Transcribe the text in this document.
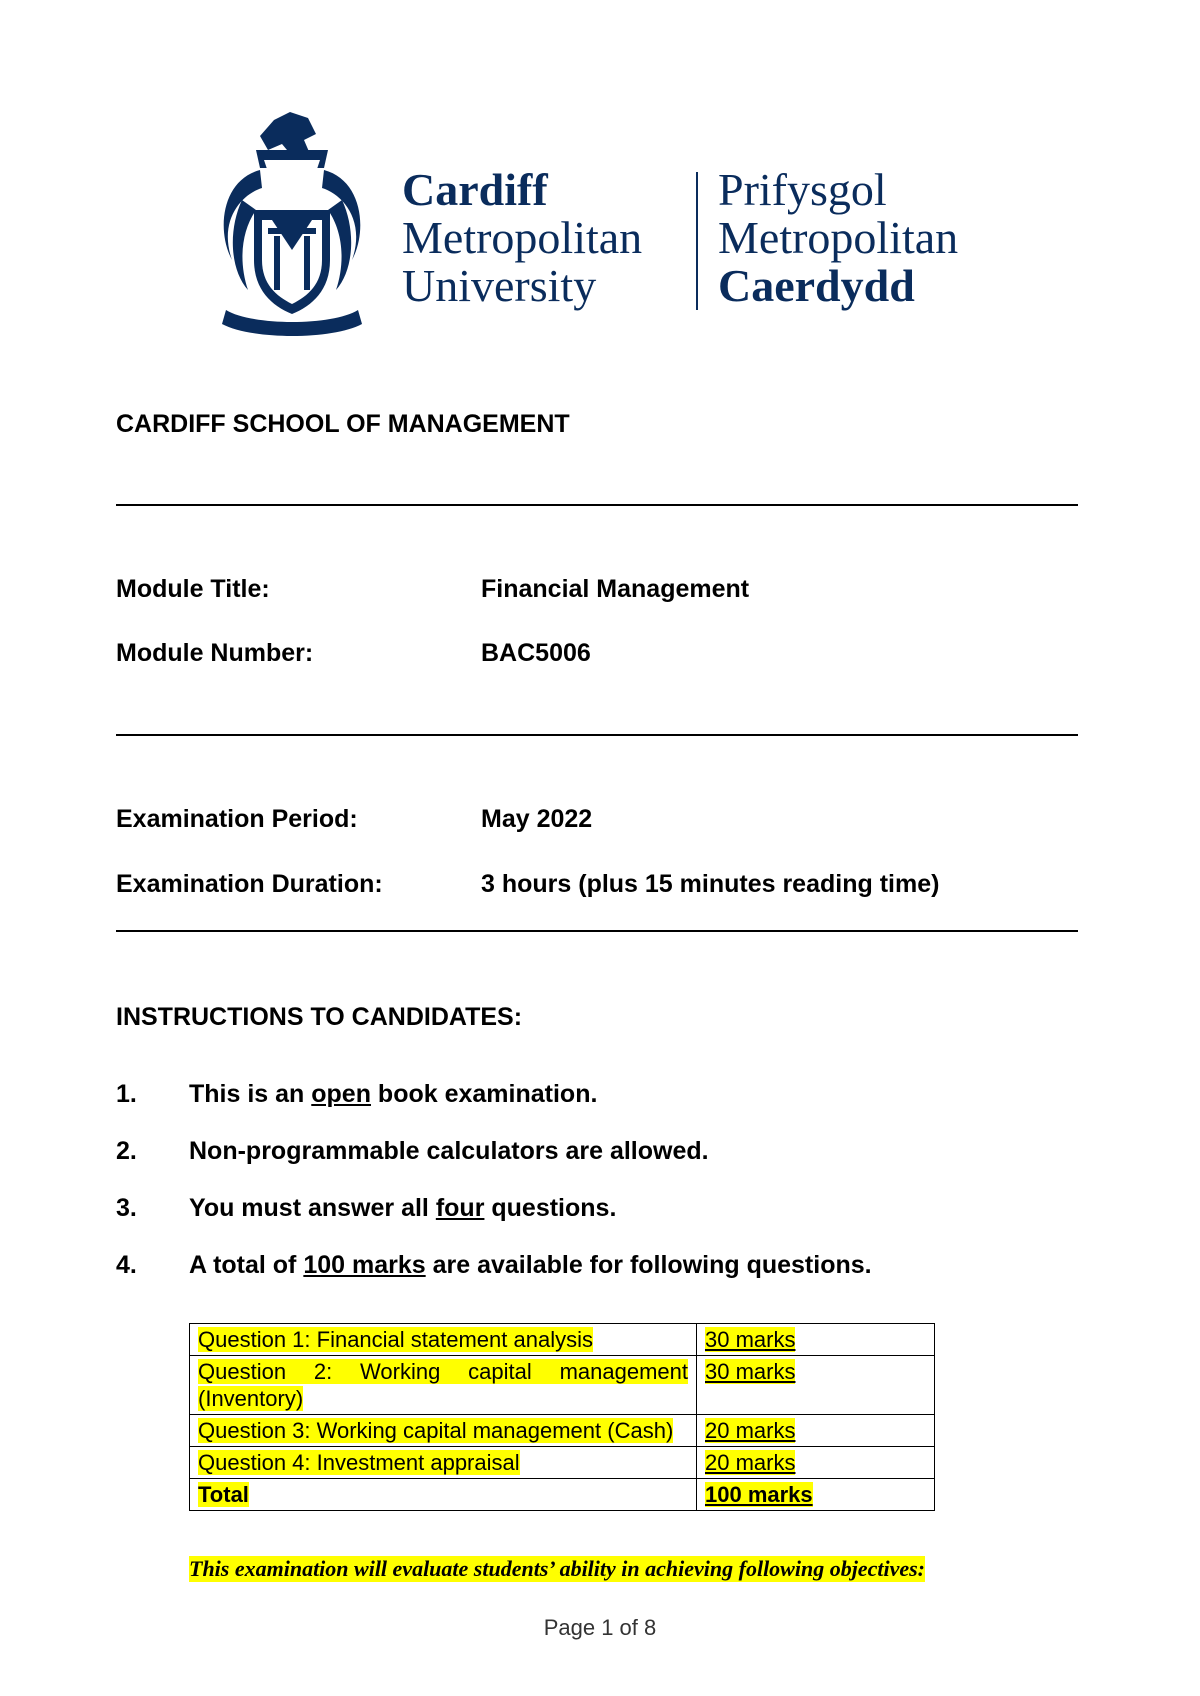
Cardiff
Metropolitan
University
Prifysgol
Metropolitan
Caerdydd
CARDIFF SCHOOL OF MANAGEMENT
Module Title:	Financial Management
Module Number:	BAC5006
Examination Period:	May 2022
Examination Duration:	3 hours (plus 15 minutes reading time)
INSTRUCTIONS TO CANDIDATES:
1. This is an open book examination.
2. Non-programmable calculators are allowed.
3. You must answer all four questions.
4. A total of 100 marks are available for following questions.
Question 1: Financial statement analysis	30 marks
Question 2: Working capital management (Inventory)	30 marks
Question 3: Working capital management (Cash)	20 marks
Question 4: Investment appraisal	20 marks
Total	100 marks
This examination will evaluate students’ ability in achieving following objectives:
Page 1 of 8
